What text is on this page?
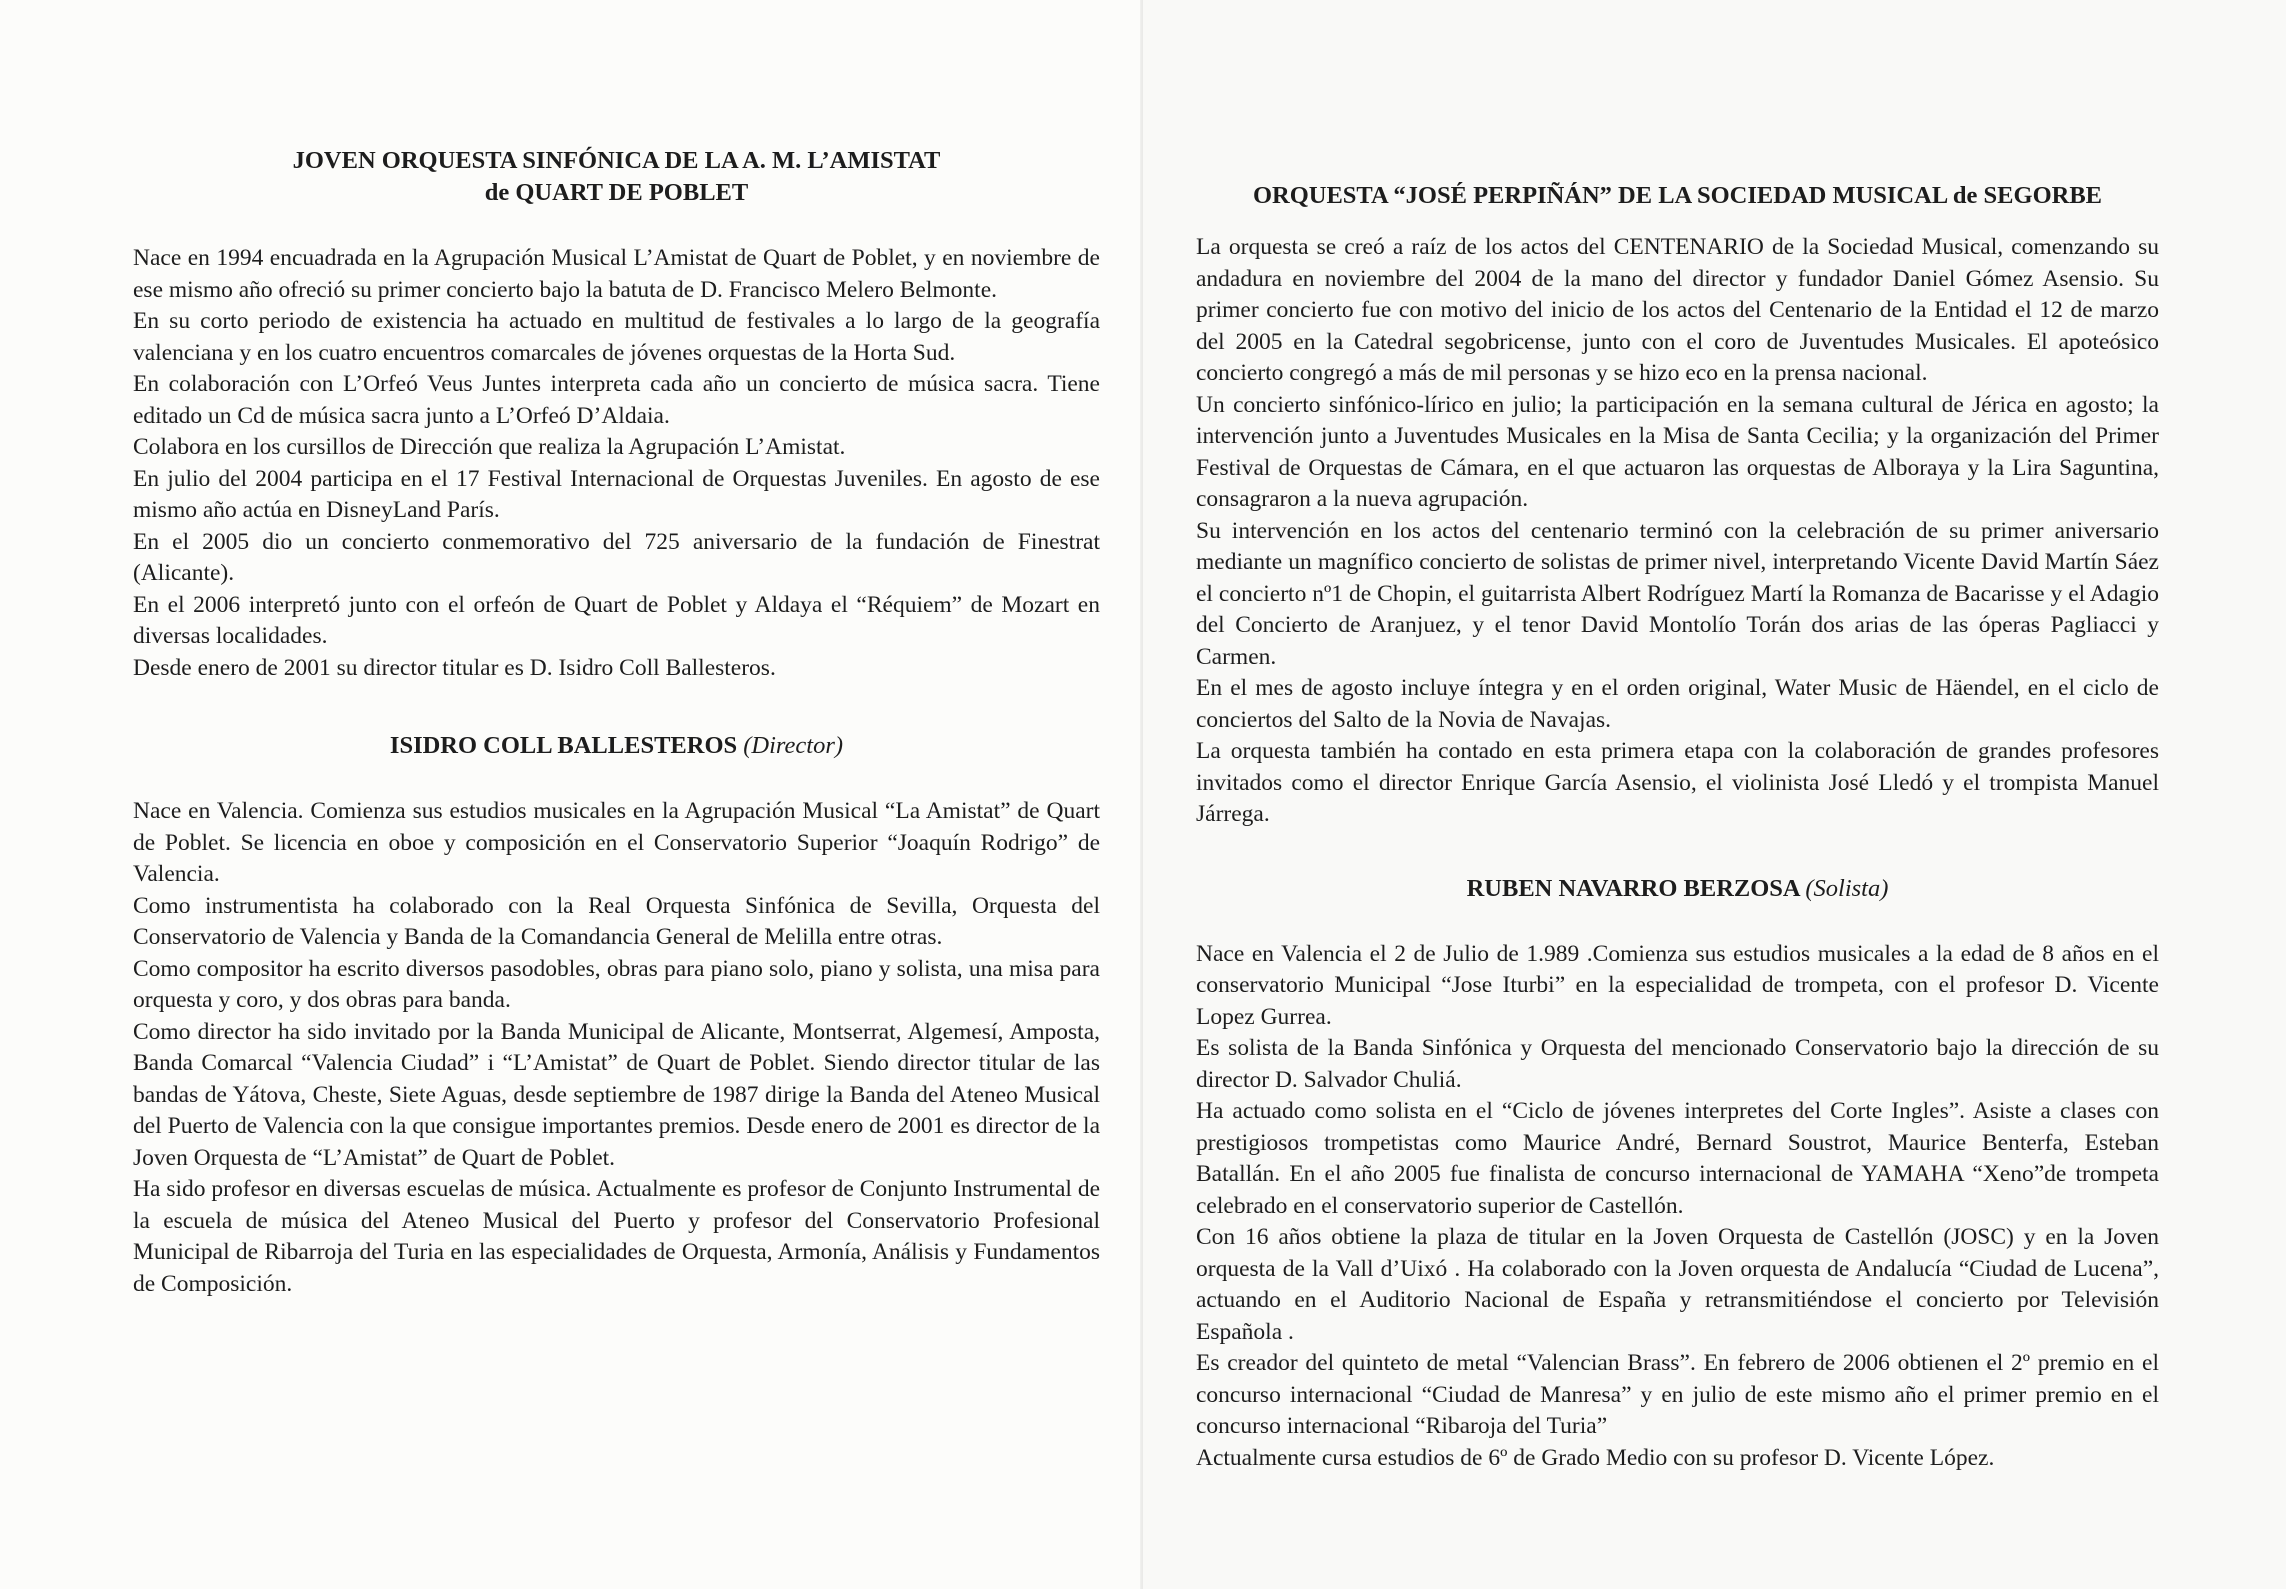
JOVEN ORQUESTA SINFÓNICA DE LA A. M. L’AMISTAT
de QUART DE POBLET

Nace en 1994 encuadrada en la Agrupación Musical L’Amistat de Quart de Poblet, y en noviembre de ese mismo año ofreció su primer concierto bajo la batuta de D. Francisco Melero Belmonte.

En su corto periodo de existencia ha actuado en multitud de festivales a lo largo de la geografía valenciana y en los cuatro encuentros comarcales de jóvenes orquestas de la Horta Sud.

En colaboración con L’Orfeó Veus Juntes interpreta cada año un concierto de música sacra. Tiene editado un Cd de música sacra junto a L’Orfeó D’Aldaia.

Colabora en los cursillos de Dirección que realiza la Agrupación L’Amistat.

En julio del 2004 participa en el 17 Festival Internacional de Orquestas Juveniles. En agosto de ese mismo año actúa en DisneyLand París.

En el 2005 dio un concierto conmemorativo del 725 aniversario de la fundación de Finestrat (Alicante).

En el 2006 interpretó junto con el orfeón de Quart de Poblet y Aldaya el “Réquiem” de Mozart en diversas localidades.

Desde enero de 2001 su director titular es D. Isidro Coll Ballesteros.

ISIDRO COLL BALLESTEROS (Director)

Nace en Valencia. Comienza sus estudios musicales en la Agrupación Musical “La Amistat” de Quart de Poblet. Se licencia en oboe y composición en el Conservatorio Superior “Joaquín Rodrigo” de Valencia.

Como instrumentista ha colaborado con la Real Orquesta Sinfónica de Sevilla, Orquesta del Conservatorio de Valencia y Banda de la Comandancia General de Melilla entre otras.

Como compositor ha escrito diversos pasodobles, obras para piano solo, piano y solista, una misa para orquesta y coro, y dos obras para banda.

Como director ha sido invitado por la Banda Municipal de Alicante, Montserrat, Algemesí, Amposta, Banda Comarcal “Valencia Ciudad” i “L’Amistat” de Quart de Poblet. Siendo director titular de las bandas de Yátova, Cheste, Siete Aguas, desde septiembre de 1987 dirige la Banda del Ateneo Musical del Puerto de Valencia con la que consigue importantes premios. Desde enero de 2001 es director de la Joven Orquesta de “L’Amistat” de Quart de Poblet.

Ha sido profesor en diversas escuelas de música. Actualmente es profesor de Conjunto Instrumental de la escuela de música del Ateneo Musical del Puerto y profesor del Conservatorio Profesional Municipal de Ribarroja del Turia en las especialidades de Orquesta, Armonía, Análisis y Fundamentos de Composición.

ORQUESTA “JOSÉ PERPIÑÁN” DE LA SOCIEDAD MUSICAL de SEGORBE

La orquesta se creó a raíz de los actos del CENTENARIO de la Sociedad Musical, comenzando su andadura en noviembre del 2004 de la mano del director y fundador Daniel Gómez Asensio. Su primer concierto fue con motivo del inicio de los actos del Centenario de la Entidad el 12 de marzo del 2005 en la Catedral segobricense, junto con el coro de Juventudes Musicales. El apoteósico concierto congregó a más de mil personas y se hizo eco en la prensa nacional.

Un concierto sinfónico-lírico en julio; la participación en la semana cultural de Jérica en agosto; la intervención junto a Juventudes Musicales en la Misa de Santa Cecilia; y la organización del Primer Festival de Orquestas de Cámara, en el que actuaron las orquestas de Alboraya y la Lira Saguntina, consagraron a la nueva agrupación.

Su intervención en los actos del centenario terminó con la celebración de su primer aniversario mediante un magnífico concierto de solistas de primer nivel, interpretando Vicente David Martín Sáez el concierto nº1 de Chopin, el guitarrista Albert Rodríguez Martí la Romanza de Bacarisse y el Adagio del Concierto de Aranjuez, y el tenor David Montolío Torán dos arias de las óperas Pagliacci y Carmen.

En el mes de agosto incluye íntegra y en el orden original, Water Music de Häendel, en el ciclo de conciertos del Salto de la Novia de Navajas.

La orquesta también ha contado en esta primera etapa con la colaboración de grandes profesores invitados como el director Enrique García Asensio, el violinista José Lledó y el trompista Manuel Járrega.

RUBEN NAVARRO BERZOSA (Solista)

Nace en Valencia el 2 de Julio de 1.989 .Comienza sus estudios musicales a la edad de 8 años en el conservatorio Municipal “Jose Iturbi” en la especialidad de trompeta, con el profesor D. Vicente Lopez Gurrea.

Es solista de la Banda Sinfónica y Orquesta del mencionado Conservatorio bajo la dirección de su director D. Salvador Chuliá.

Ha actuado como solista en el “Ciclo de jóvenes interpretes del Corte Ingles”. Asiste a clases con prestigiosos trompetistas como Maurice André, Bernard Soustrot, Maurice Benterfa, Esteban Batallán. En el año 2005 fue finalista de concurso internacional de YAMAHA “Xeno”de trompeta celebrado en el conservatorio superior de Castellón.

Con 16 años obtiene la plaza de titular en la Joven Orquesta de Castellón (JOSC) y en la Joven orquesta de la Vall d’Uixó . Ha colaborado con la Joven orquesta de Andalucía “Ciudad de Lucena”, actuando en el Auditorio Nacional de España y retransmitiéndose el concierto por Televisión Española .

Es creador del quinteto de metal “Valencian Brass”. En febrero de 2006 obtienen el 2º premio en el concurso internacional “Ciudad de Manresa” y en julio de este mismo año el primer premio en el concurso internacional “Ribaroja del Turia”

Actualmente cursa estudios de 6º de Grado Medio con su profesor D. Vicente López.
